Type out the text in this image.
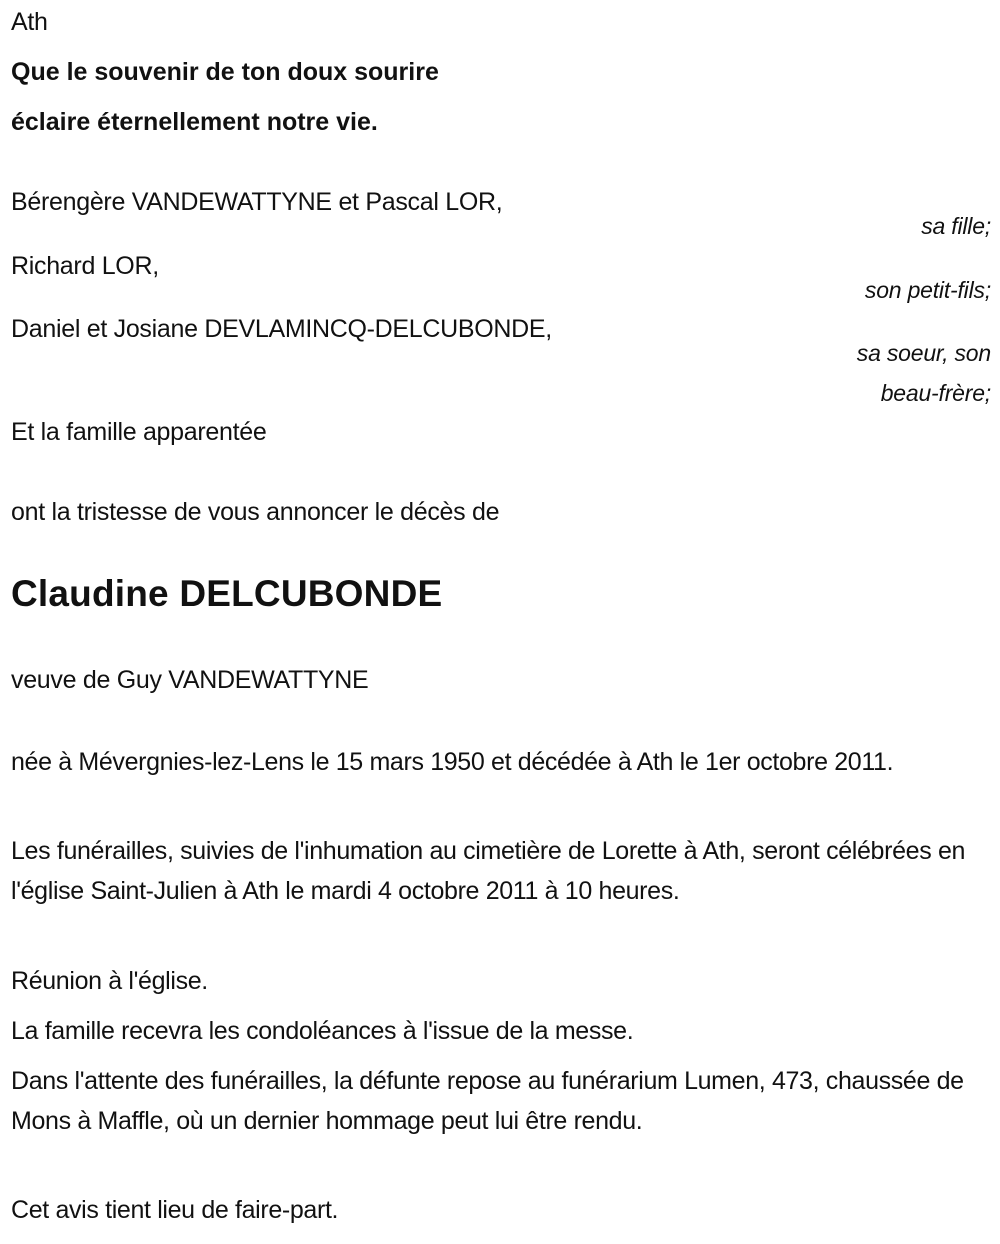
Ath
Que le souvenir de ton doux sourire
éclaire éternellement notre vie.
Bérengère VANDEWATTYNE et Pascal LOR,
sa fille;
Richard LOR,
son petit-fils;
Daniel et Josiane DEVLAMINCQ-DELCUBONDE,
sa soeur, son
beau-frère;
Et la famille apparentée
ont la tristesse de vous annoncer le décès de
Claudine DELCUBONDE
veuve de Guy VANDEWATTYNE
née à Mévergnies-lez-Lens le 15 mars 1950 et décédée à Ath le 1er octobre 2011.
Les funérailles, suivies de l'inhumation au cimetière de Lorette à Ath, seront célébrées en l'église Saint-Julien à Ath le mardi 4 octobre 2011 à 10 heures.
Réunion à l'église.
La famille recevra les condoléances à l'issue de la messe.
Dans l'attente des funérailles, la défunte repose au funérarium Lumen, 473, chaussée de Mons à Maffle, où un dernier hommage peut lui être rendu.
Cet avis tient lieu de faire-part.
